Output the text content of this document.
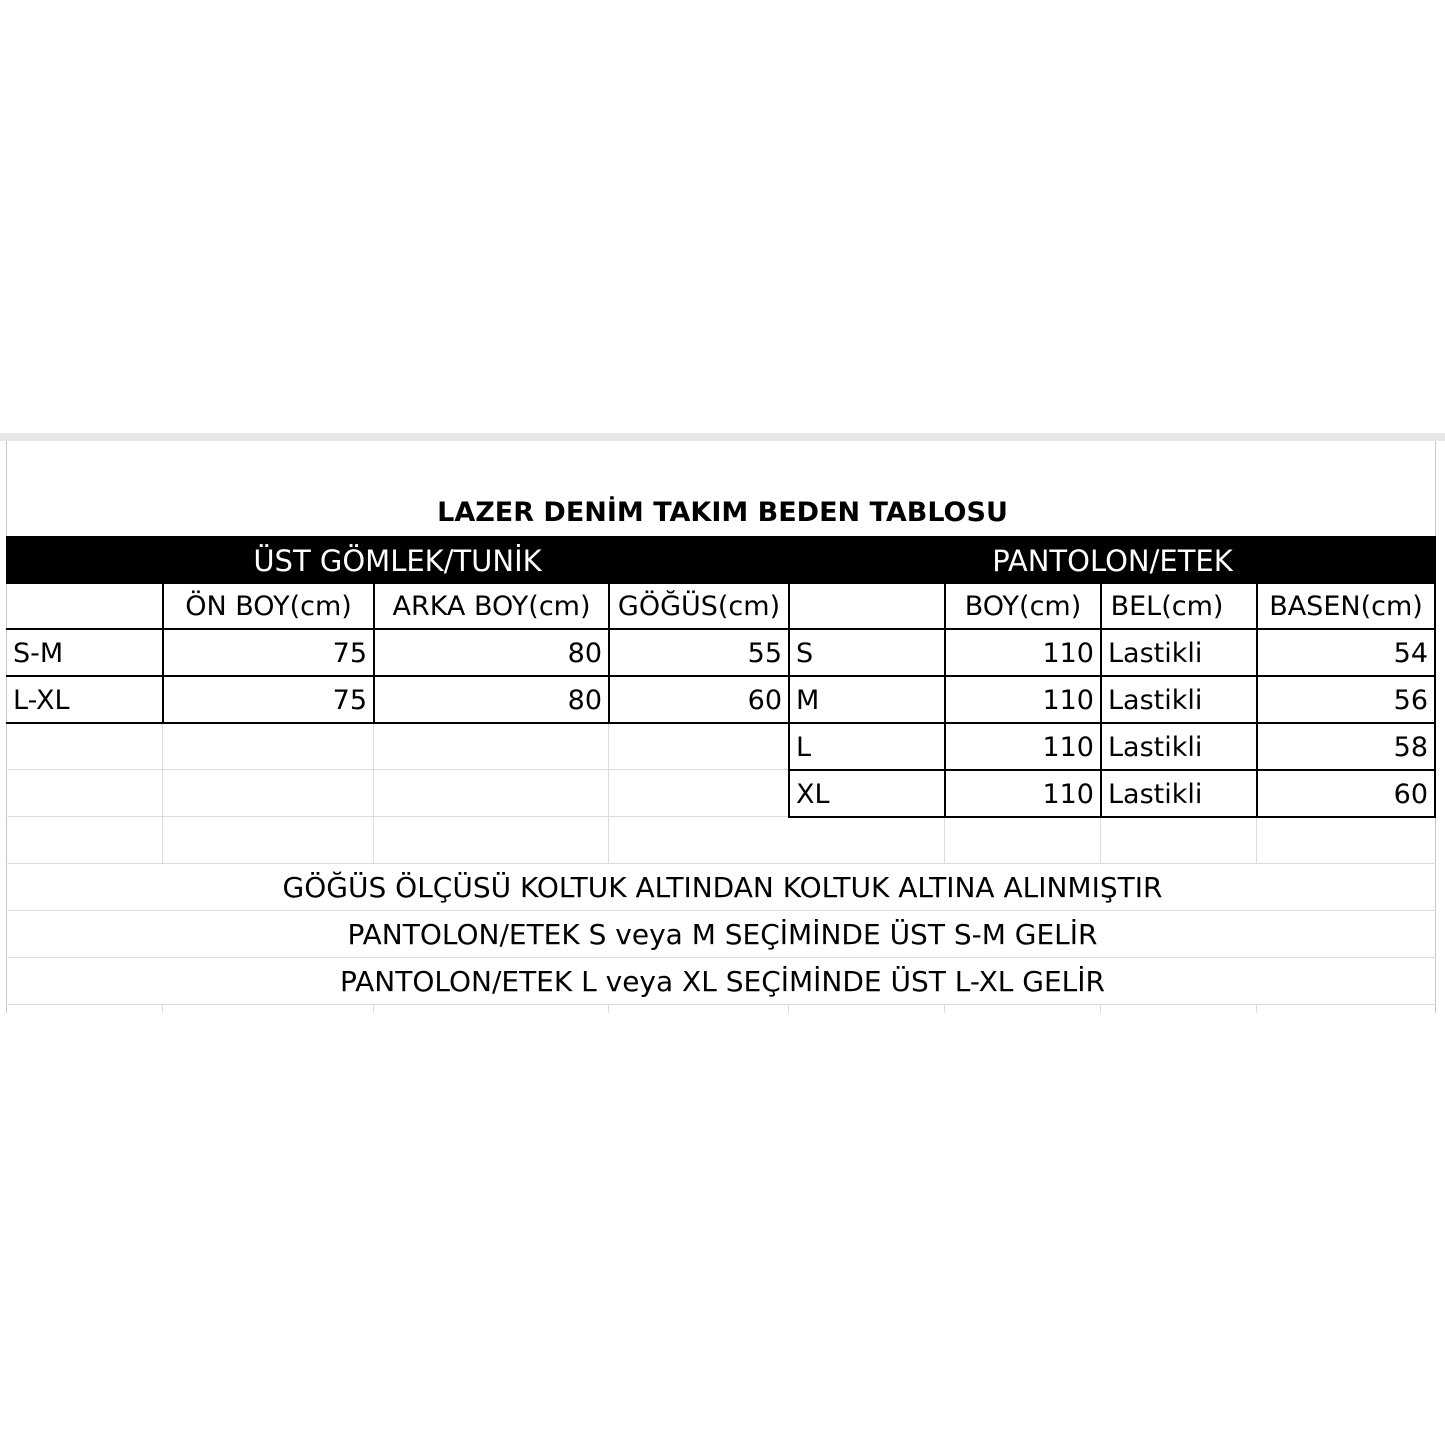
LAZER DENİM TAKIM BEDEN TABLOSU
ÜST GÖMLEK/TUNİK	PANTOLON/ETEK
ÖN BOY(cm)	ARKA BOY(cm)	GÖĞÜS(cm)	BOY(cm)	BEL(cm)	BASEN(cm)
S-M	75	80	55
L-XL	75	80	60
S	110 Lastikli	54
M	110 Lastikli	56
L	110 Lastikli	58
XL	110 Lastikli	60
GÖĞÜS ÖLÇÜSÜ KOLTUK ALTINDAN KOLTUK ALTINA ALINMIŞTIR
PANTOLON/ETEK S veya M SEÇİMİNDE ÜST S-M GELİR
PANTOLON/ETEK L veya XL SEÇİMİNDE ÜST L-XL GELİR
